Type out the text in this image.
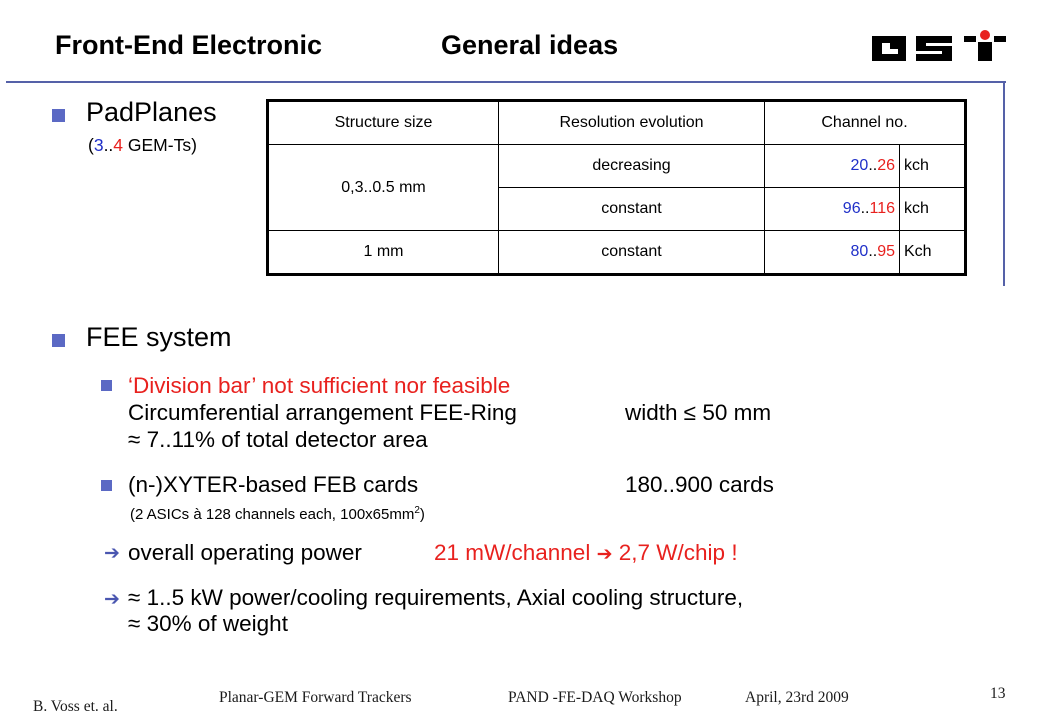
Front-End Electronic	General ideas
PadPlanes
(3..4 GEM-Ts)
Structure size	Resolution evolution	Channel no.	
0,3..0.5 mm	decreasing	20..26	kch
	constant	96..116	kch
1 mm	constant	80..95	Kch
FEE system
‘Division bar’ not sufficient nor feasible
Circumferential arrangement FEE-Ring	width ≤ 50 mm
≈ 7..11% of total detector area
(n-)XYTER-based FEB cards	180..900 cards
(2 ASICs à 128 channels each, $100x65mm^2$)
➔ overall operating power	21 mW/channel ➔ 2,7 W/chip !
➔ ≈ 1..5 kW power/cooling requirements, Axial cooling structure,
≈ 30% of weight
B. Voss et. al.
Planar-GEM Forward Trackers	PAND -FE-DAQ Workshop	April, 23rd 2009	13
